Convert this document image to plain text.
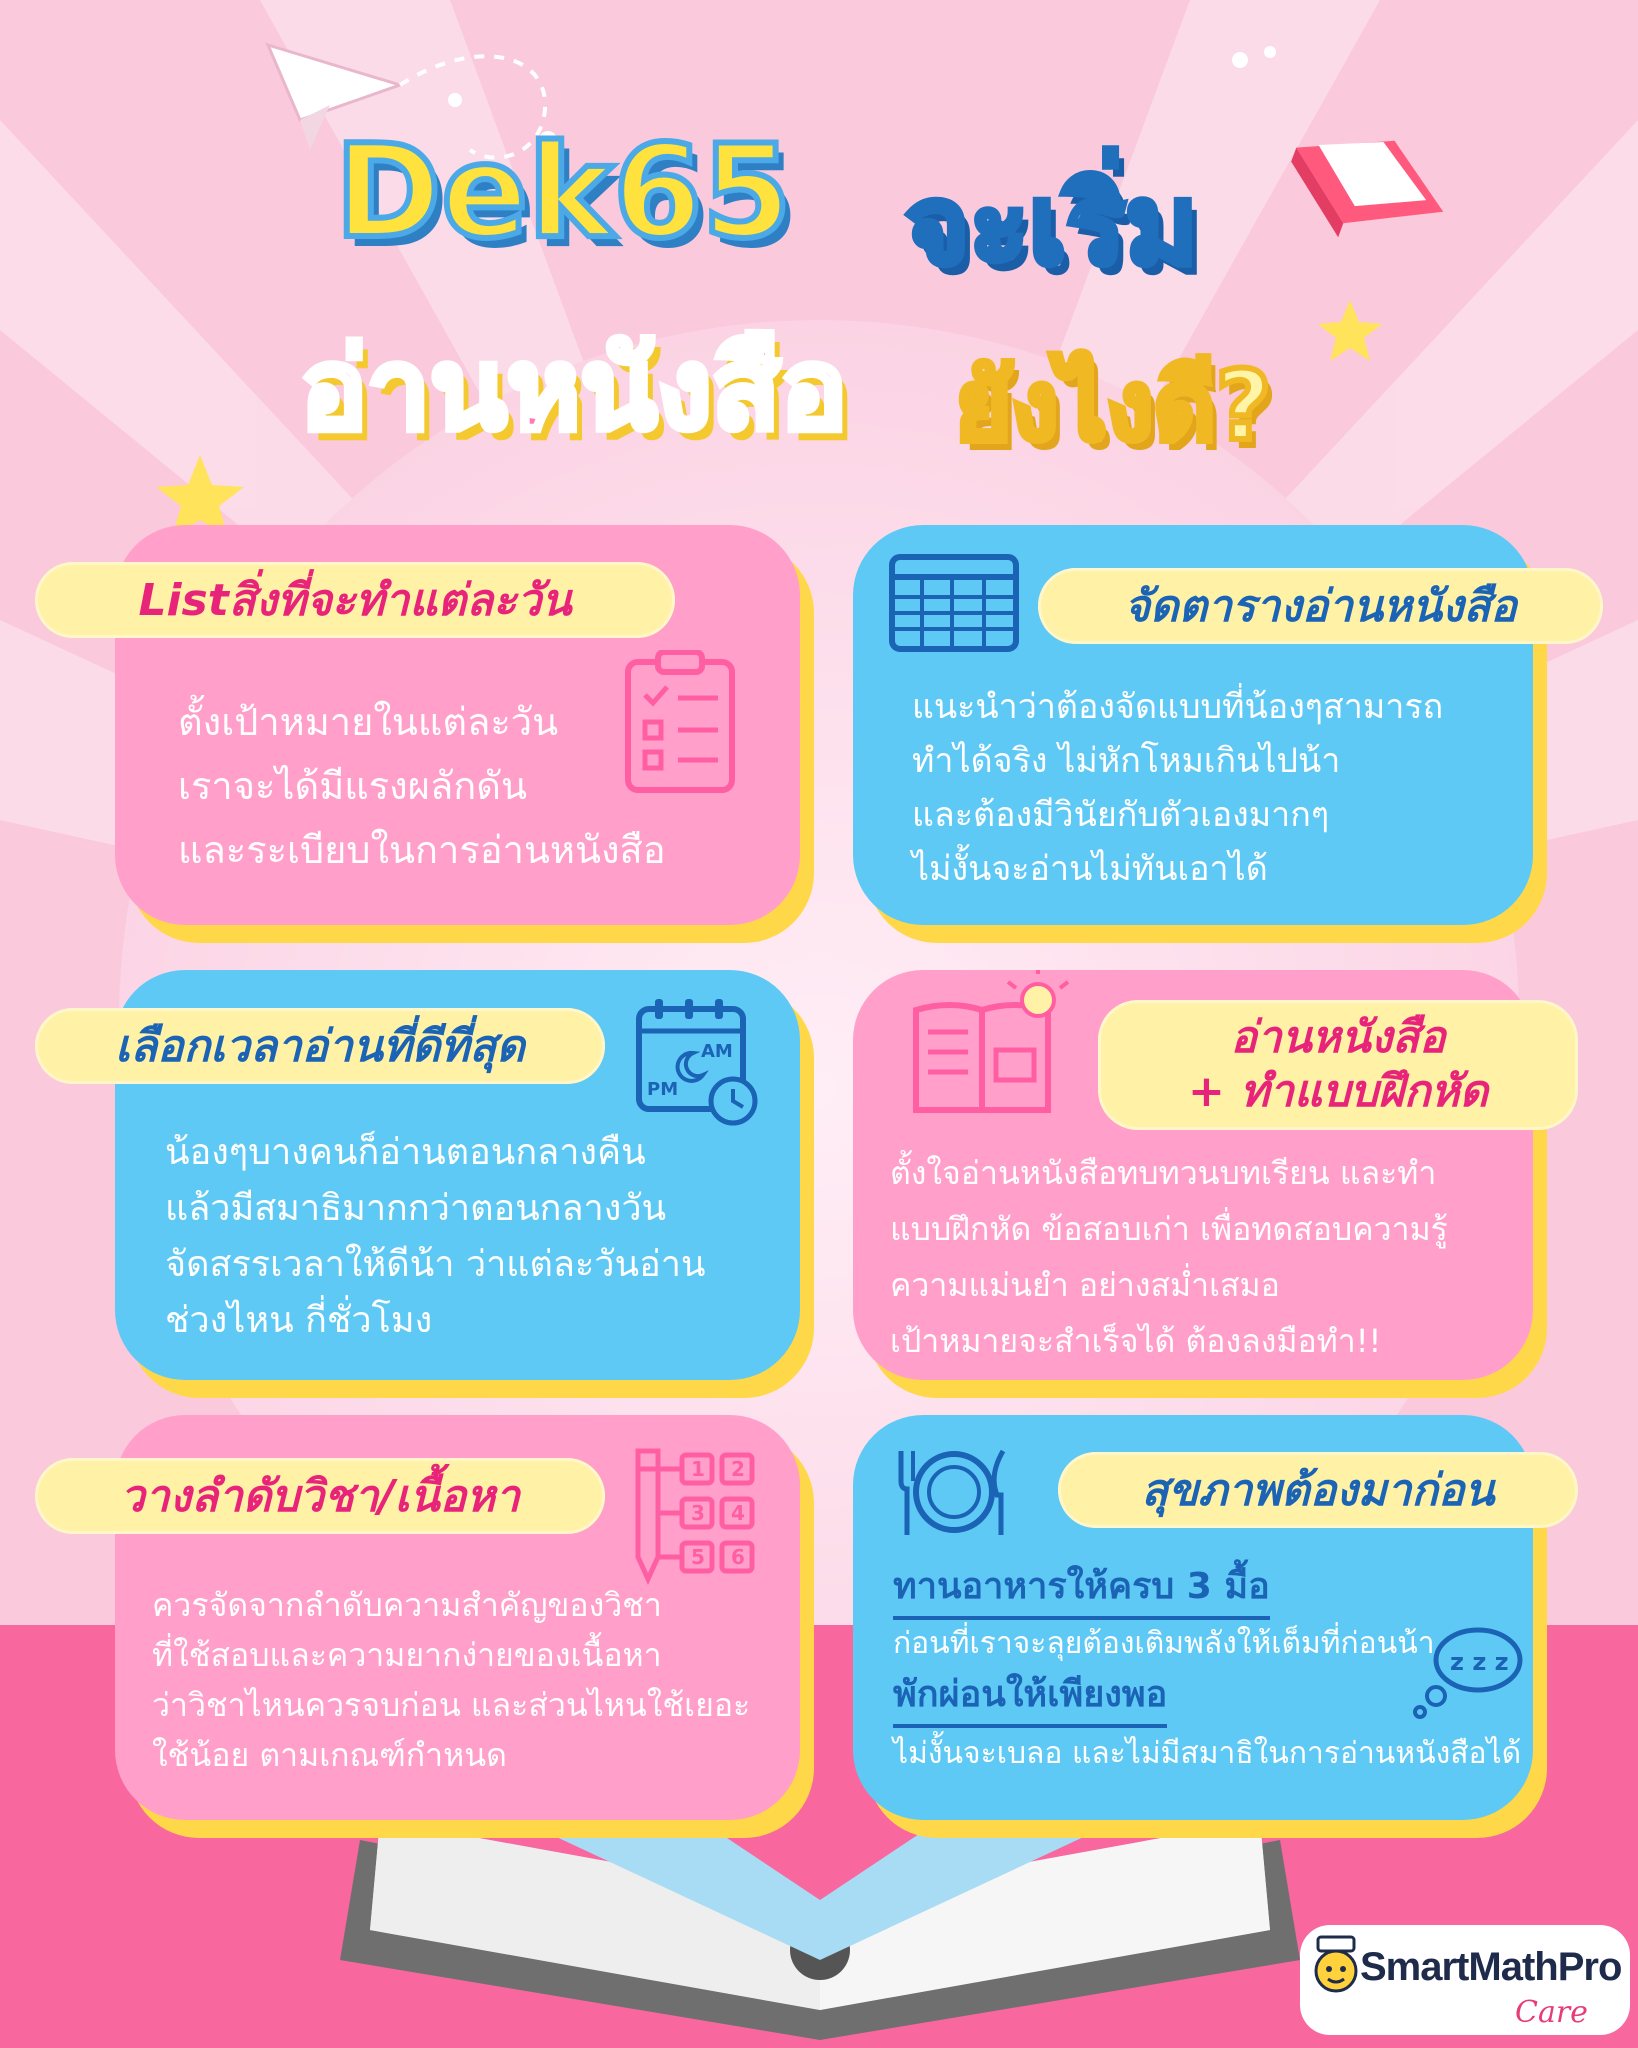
Dek65 จะเริ่ม
อ่านหนังสือ ยังไงดี?
Listสิ่งที่จะทำแต่ละวัน
ตั้งเป้าหมายในแต่ละวัน
เราจะได้มีแรงผลักดัน
และระเบียบในการอ่านหนังสือ
จัดตารางอ่านหนังสือ
แนะนำว่าต้องจัดแบบที่น้องๆสามารถ
ทำได้จริง ไม่หักโหมเกินไปน้า
และต้องมีวินัยกับตัวเองมากๆ
ไม่งั้นจะอ่านไม่ทันเอาได้
เลือกเวลาอ่านที่ดีที่สุด	AM
PM
น้องๆบางคนก็อ่านตอนกลางคืน
แล้วมีสมาธิมากกว่าตอนกลางวัน
จัดสรรเวลาให้ดีน้า ว่าแต่ละวันอ่าน
ช่วงไหน กี่ชั่วโมง
อ่านหนังสือ
+ ทำแบบฝึกหัด
ตั้งใจอ่านหนังสือทบทวนบทเรียน และทำ
แบบฝึกหัด ข้อสอบเก่า เพื่อทดสอบความรู้
ความแม่นยำ อย่างสม่ำเสมอ
เป้าหมายจะสำเร็จได้ ต้องลงมือทำ!!
วางลำดับวิชา/เนื้อหา
1 2
3 4
5 6
ควรจัดจากลำดับความสำคัญของวิชา
ที่ใช้สอบและความยากง่ายของเนื้อหา
ว่าวิชาไหนควรจบก่อน และส่วนไหนใช้เยอะ
ใช้น้อย ตามเกณฑ์กำหนด
สุขภาพต้องมาก่อน
ทานอาหารให้ครบ 3 มื้อ
ก่อนที่เราจะลุยต้องเติมพลังให้เต็มที่ก่อนน้า
พักผ่อนให้เพียงพอ
ไม่งั้นจะเบลอ และไม่มีสมาธิในการอ่านหนังสือได้
z z z
SmartMathPro
Care
